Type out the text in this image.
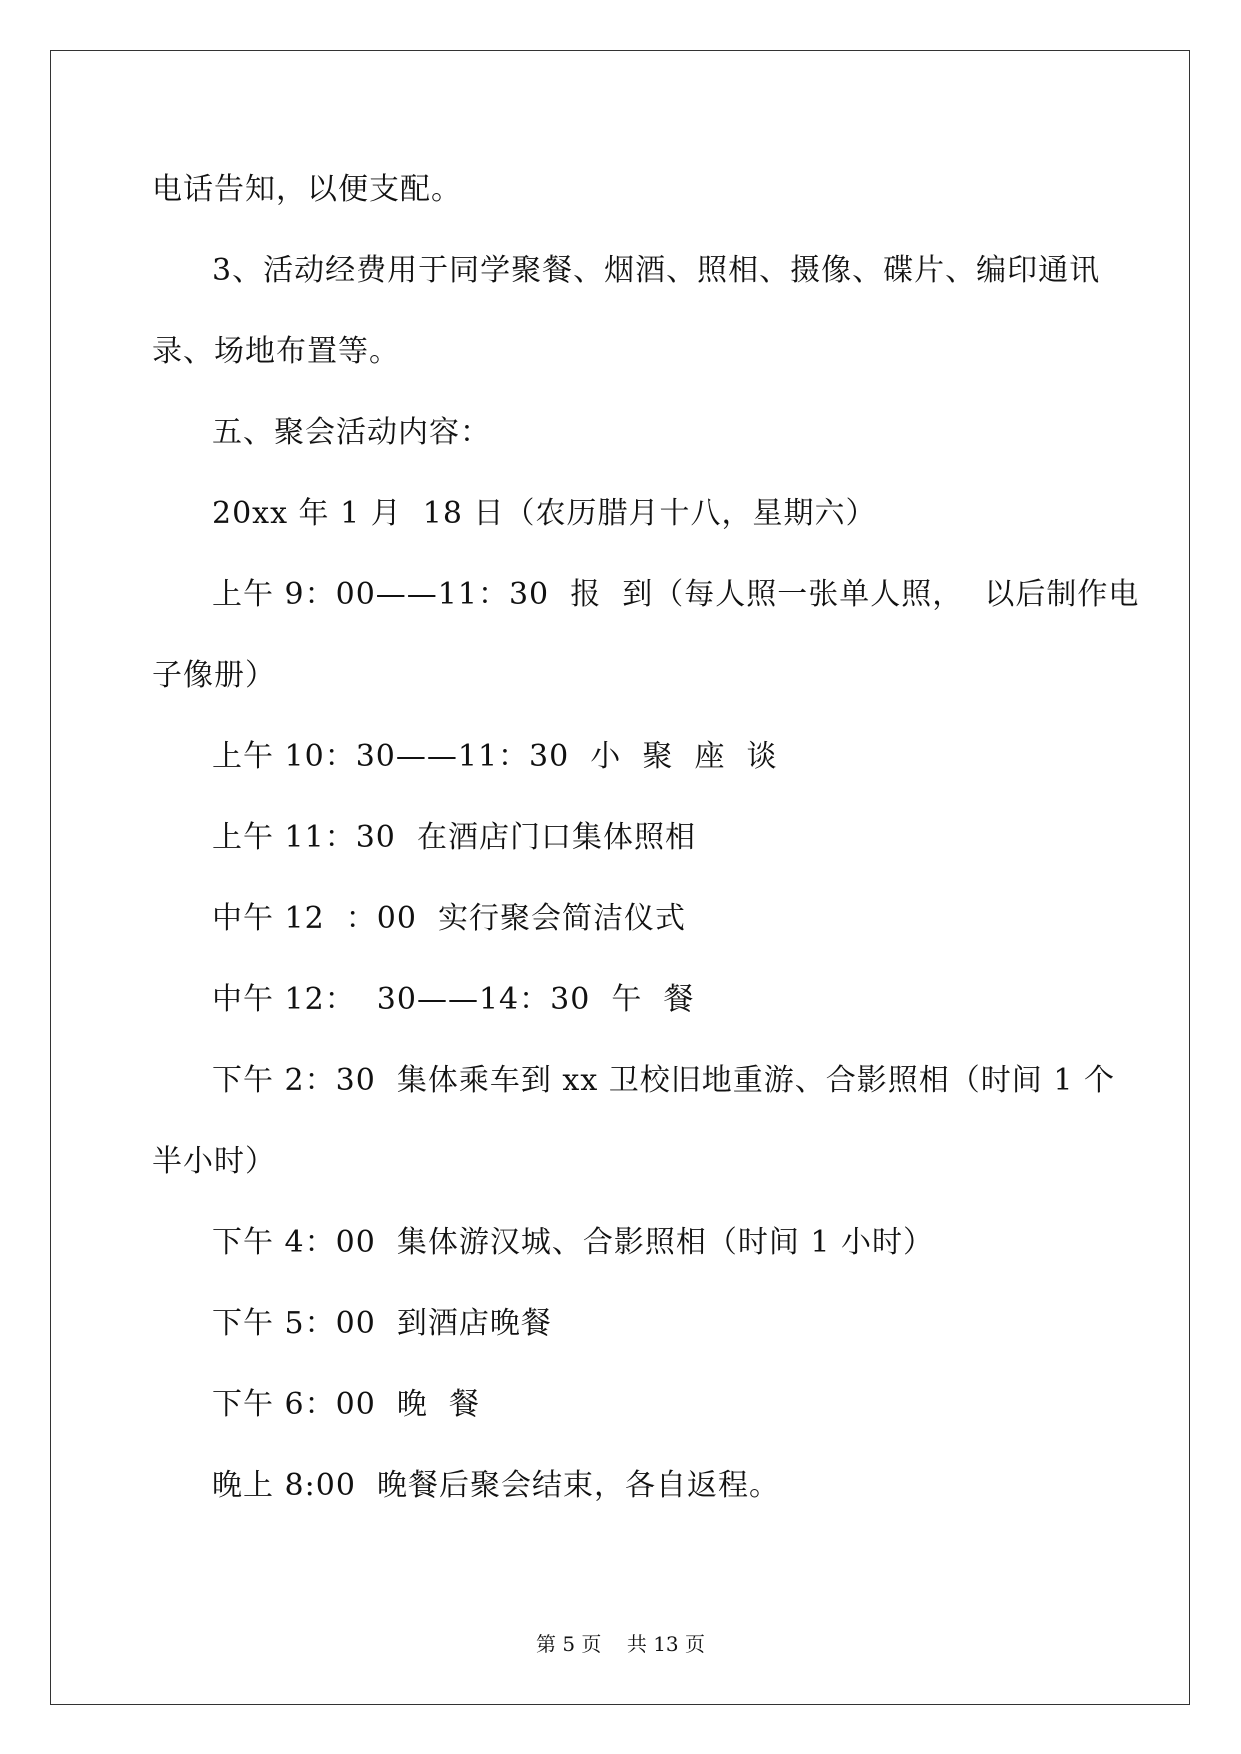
电话告知，以便支配。
3、活动经费用于同学聚餐、烟酒、照相、摄像、碟片、编印通讯
录、场地布置等。
五、聚会活动内容：
20xx 年 1 月  18 日（农历腊月十八，星期六）
上午 9：00——11：30  报  到（每人照一张单人照，  以后制作电
子像册）
上午 10：30——11：30  小  聚  座  谈
上午 11：30  在酒店门口集体照相
中午 12  ：00  实行聚会简洁仪式
中午 12：  30——14：30  午  餐
下午 2：30  集体乘车到 xx 卫校旧地重游、合影照相（时间 1 个
半小时）
下午 4：00  集体游汉城、合影照相（时间 1 小时）
下午 5：00  到酒店晚餐
下午 6：00  晚  餐
晚上 8:00  晚餐后聚会结束，各自返程。
第 5 页    共 13 页
